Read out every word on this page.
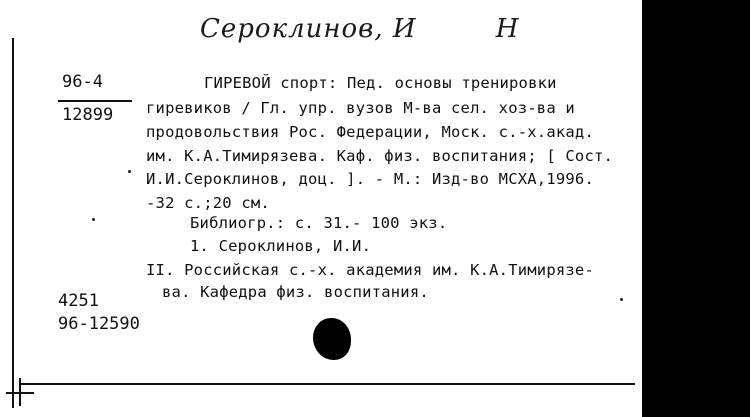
Сероклинов, И	Н
96-4
12899
ГИРЕВОЙ спорт: Пед. основы тренировки
гиревиков / Гл. упр. вузов М-ва сел. хоз-ва и
продовольствия Рос. Федерации, Моск. с.-х.акад.
им. К.А.Тимирязева. Каф. физ. воспитания; [ Сост.
И.И.Сероклинов, доц. ]. - М.: Изд-во МСХА,1996.
-32 с.;20 см.
Библиогр.: с. 31.- 100 экз.
1. Сероклинов, И.И.
II. Российская с.-х. академия им. К.А.Тимирязе-
ва. Кафедра физ. воспитания.
4251
96-12590
